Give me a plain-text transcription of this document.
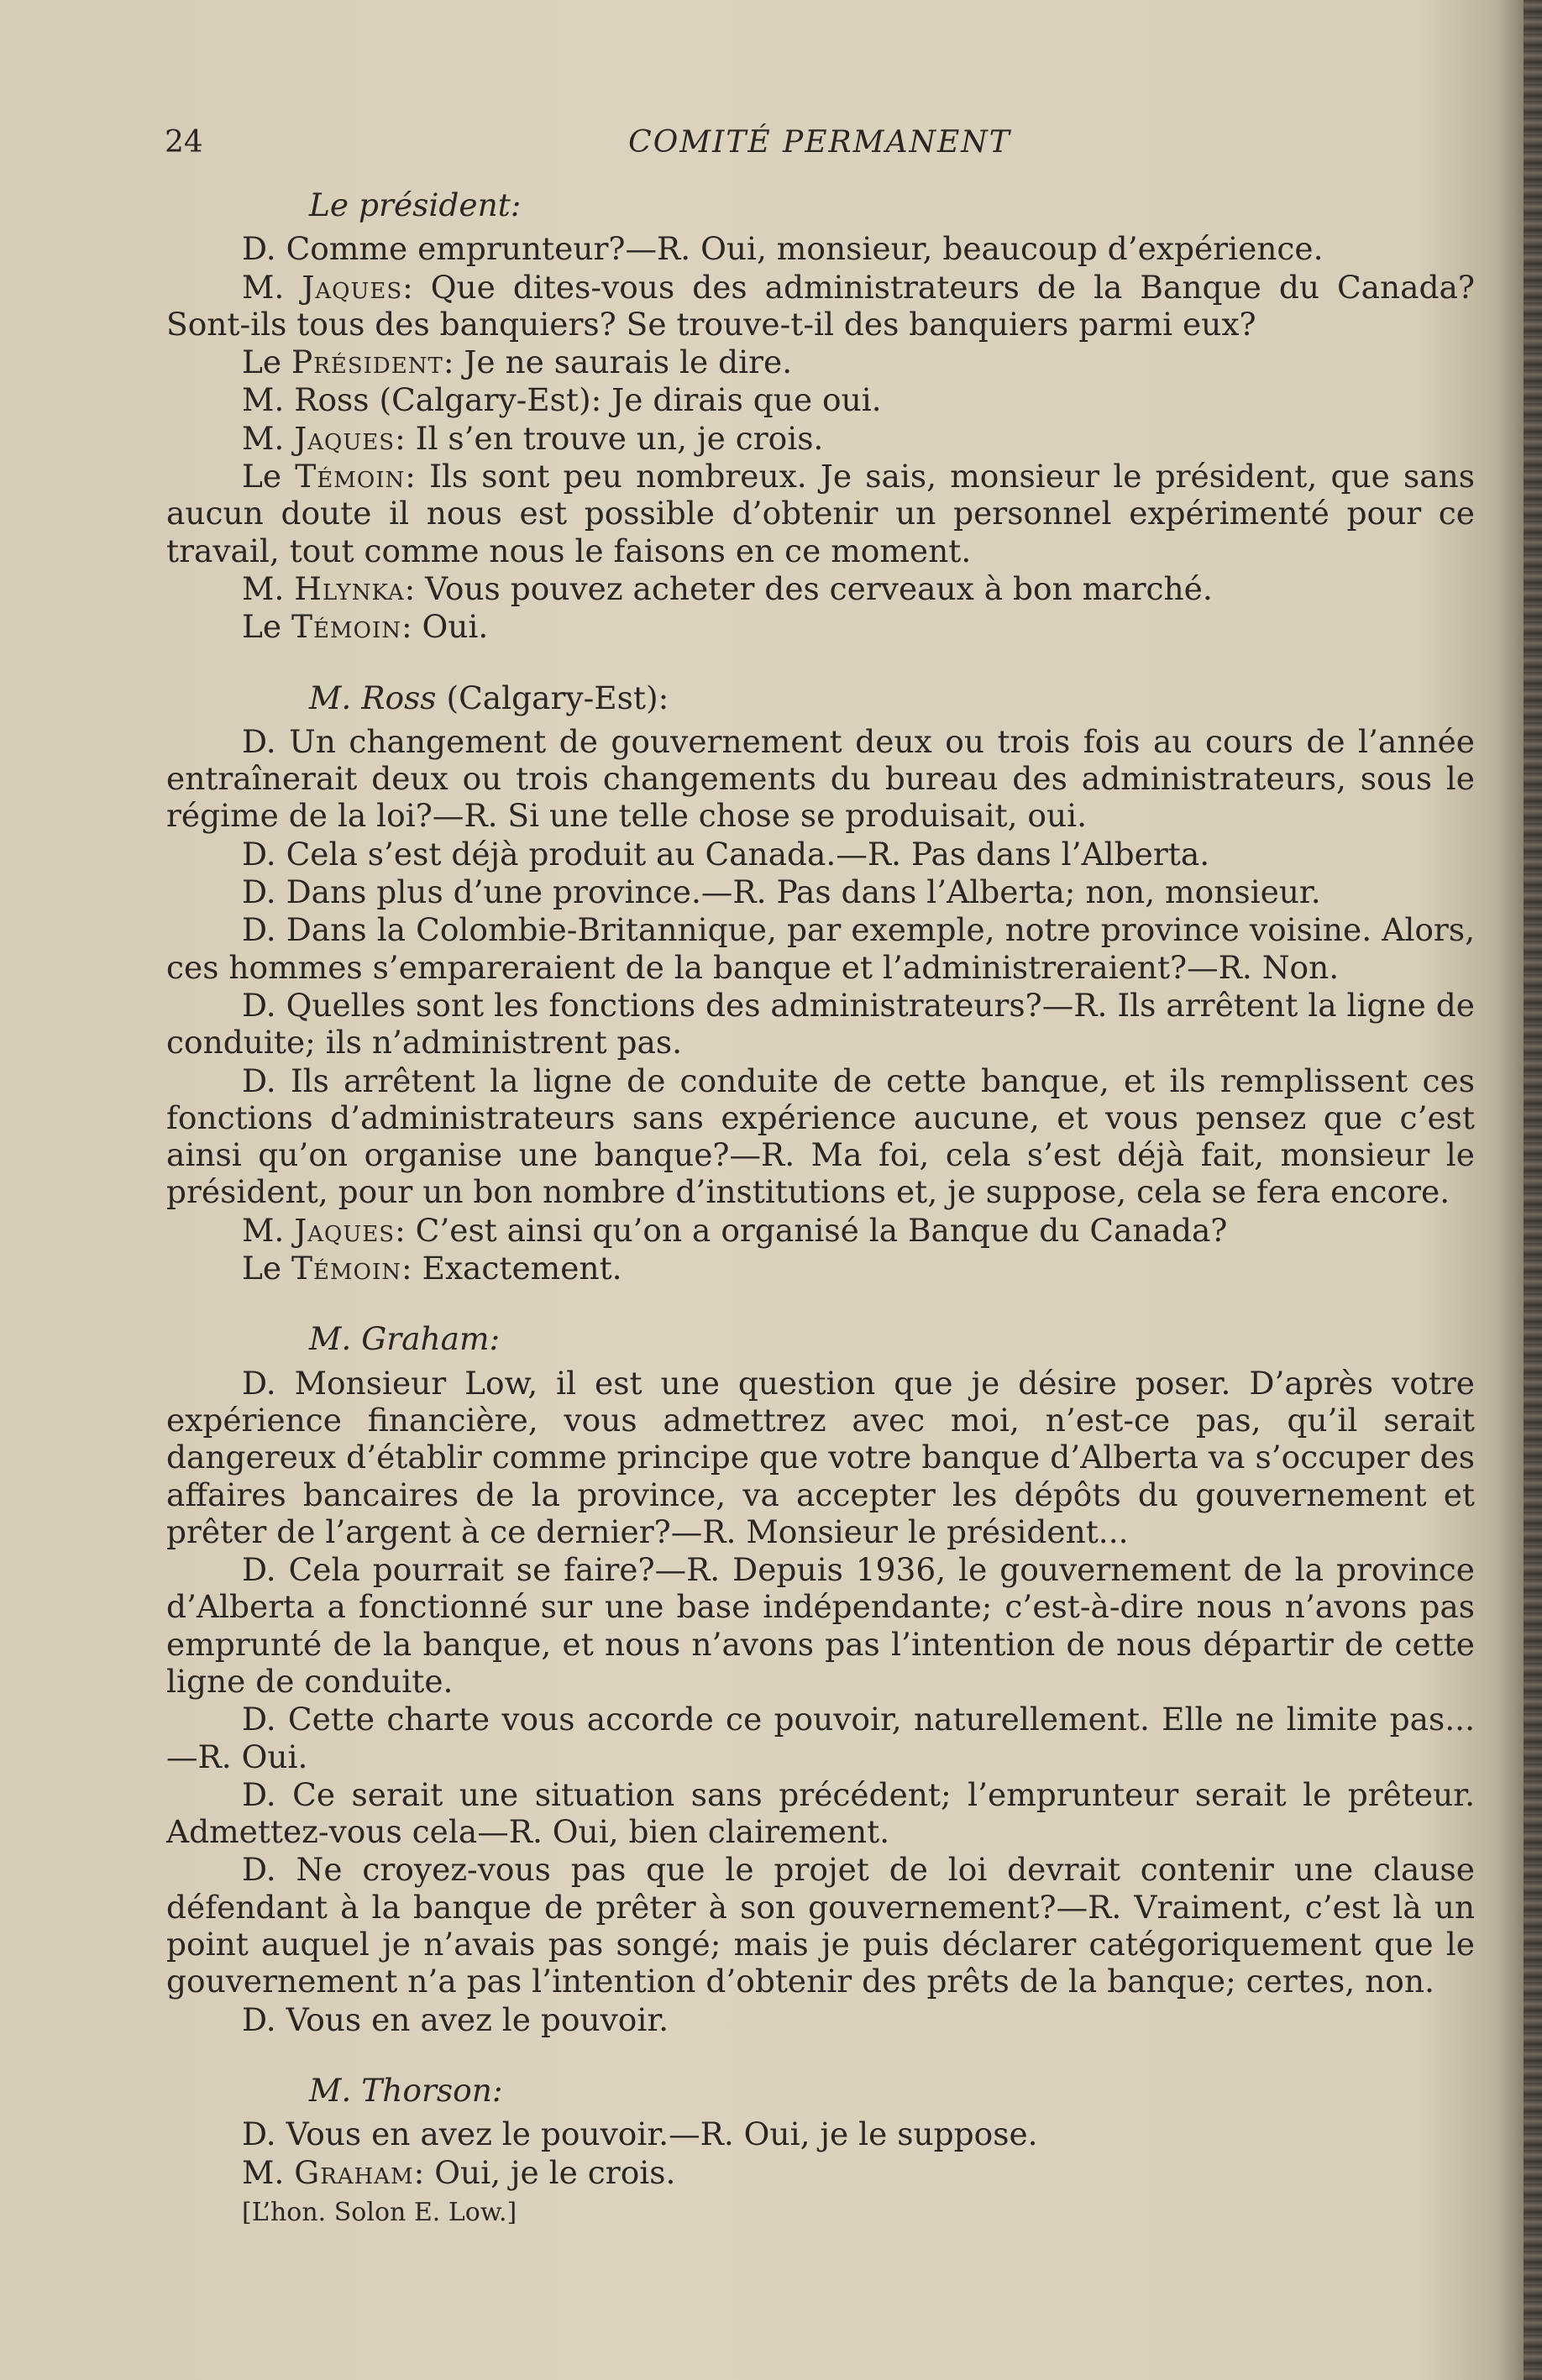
24	COMITÉ PERMANENT
Le président:

D. Comme emprunteur?—R. Oui, monsieur, beaucoup d’expérience.

M. Jaques: Que dites-vous des administrateurs de la Banque du Canada? Sont-ils tous des banquiers? Se trouve-t-il des banquiers parmi eux?

Le Président: Je ne saurais le dire.

M. Ross (Calgary-Est): Je dirais que oui.

M. Jaques: Il s’en trouve un, je crois.

Le Témoin: Ils sont peu nombreux. Je sais, monsieur le président, que sans aucun doute il nous est possible d’obtenir un personnel expérimenté pour ce travail, tout comme nous le faisons en ce moment.

M. Hlynka: Vous pouvez acheter des cerveaux à bon marché.

Le Témoin: Oui.

M. Ross (Calgary-Est):

D. Un changement de gouvernement deux ou trois fois au cours de l’année entraînerait deux ou trois changements du bureau des administrateurs, sous le régime de la loi?—R. Si une telle chose se produisait, oui.

D. Cela s’est déjà produit au Canada.—R. Pas dans l’Alberta.

D. Dans plus d’une province.—R. Pas dans l’Alberta; non, monsieur.

D. Dans la Colombie-Britannique, par exemple, notre province voisine. Alors, ces hommes s’empareraient de la banque et l’administreraient?—R. Non.

D. Quelles sont les fonctions des administrateurs?—R. Ils arrêtent la ligne de conduite; ils n’administrent pas.

D. Ils arrêtent la ligne de conduite de cette banque, et ils remplissent ces fonctions d’administrateurs sans expérience aucune, et vous pensez que c’est ainsi qu’on organise une banque?—R. Ma foi, cela s’est déjà fait, monsieur le président, pour un bon nombre d’institutions et, je suppose, cela se fera encore.

M. Jaques: C’est ainsi qu’on a organisé la Banque du Canada?

Le Témoin: Exactement.

M. Graham:

D. Monsieur Low, il est une question que je désire poser. D’après votre expérience financière, vous admettrez avec moi, n’est-ce pas, qu’il serait dangereux d’établir comme principe que votre banque d’Alberta va s’occuper des affaires bancaires de la province, va accepter les dépôts du gouvernement et prêter de l’argent à ce dernier?—R. Monsieur le président...

D. Cela pourrait se faire?—R. Depuis 1936, le gouvernement de la province d’Alberta a fonctionné sur une base indépendante; c’est-à-dire nous n’avons pas emprunté de la banque, et nous n’avons pas l’intention de nous départir de cette ligne de conduite.

D. Cette charte vous accorde ce pouvoir, naturellement. Elle ne limite pas...—R. Oui.

D. Ce serait une situation sans précédent; l’emprunteur serait le prêteur. Admettez-vous cela—R. Oui, bien clairement.

D. Ne croyez-vous pas que le projet de loi devrait contenir une clause défendant à la banque de prêter à son gouvernement?—R. Vraiment, c’est là un point auquel je n’avais pas songé; mais je puis déclarer catégoriquement que le gouvernement n’a pas l’intention d’obtenir des prêts de la banque; certes, non.

D. Vous en avez le pouvoir.

M. Thorson:

D. Vous en avez le pouvoir.—R. Oui, je le suppose.

M. Graham: Oui, je le crois.

[L’hon. Solon E. Low.]
